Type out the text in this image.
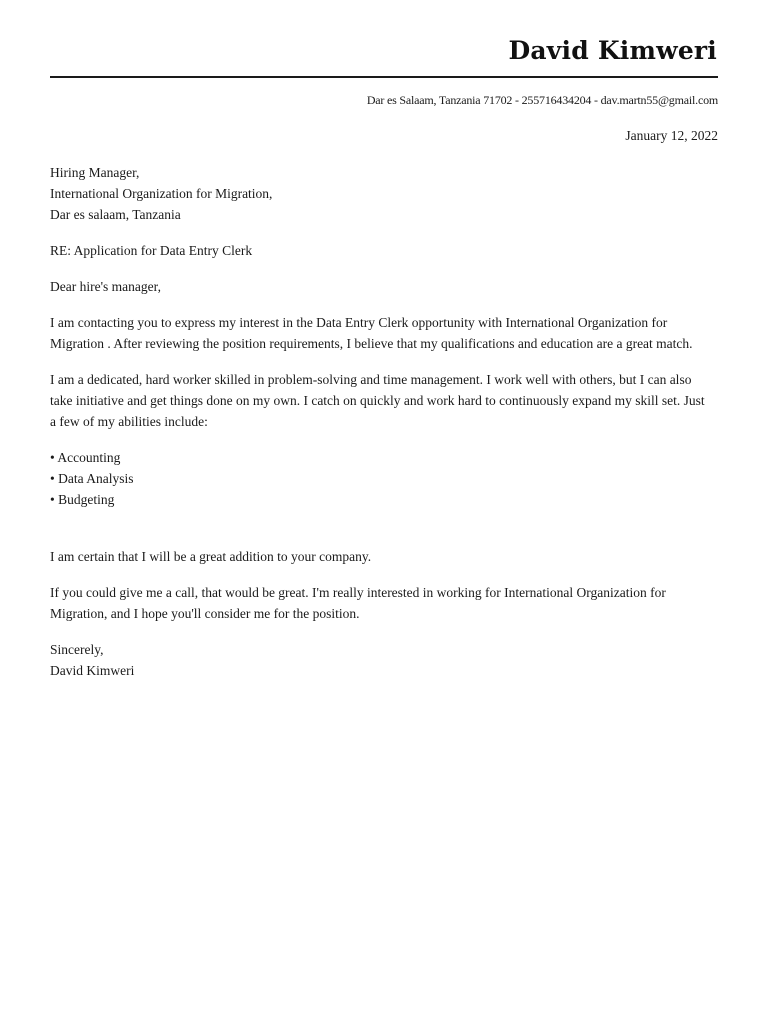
David Kimweri
Dar es Salaam, Tanzania 71702 - 255716434204 - dav.martn55@gmail.com
January 12, 2022
Hiring Manager,
International Organization for Migration,
Dar es salaam, Tanzania
RE: Application for Data Entry Clerk
Dear hire's manager,
I am contacting you to express my interest in the Data Entry Clerk opportunity with International Organization for
Migration . After reviewing the position requirements, I believe that my qualifications and education are a great match.
I am a dedicated, hard worker skilled in problem-solving and time management. I work well with others, but I can also
take initiative and get things done on my own. I catch on quickly and work hard to continuously expand my skill set. Just
a few of my abilities include:
• Accounting
• Data Analysis
• Budgeting
I am certain that I will be a great addition to your company.
If you could give me a call, that would be great. I'm really interested in working for International Organization for
Migration, and I hope you'll consider me for the position.
Sincerely,
David Kimweri
